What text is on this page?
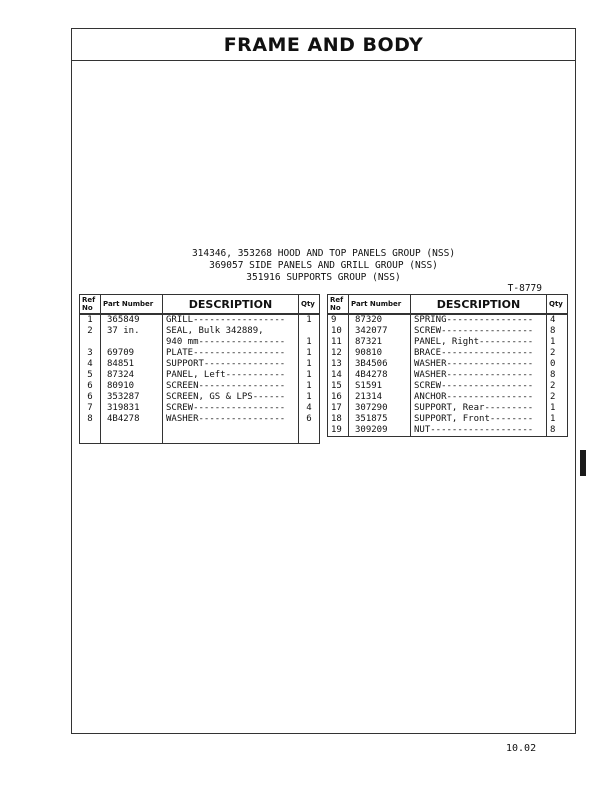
FRAME AND BODY
314346, 353268 HOOD AND TOP PANELS GROUP (NSS)
369057 SIDE PANELS AND GRILL GROUP (NSS)
351916 SUPPORTS GROUP (NSS)
T-8779
Ref No	Part Number	DESCRIPTION	Qty
1	365849	GRILL-----------------	1
2	37 in.	SEAL, Bulk 342889,	
		940 mm----------------	1
3	69709	PLATE-----------------	1
4	84851	SUPPORT---------------	1
5	87324	PANEL, Left-----------	1
6	80910	SCREEN----------------	1
6	353287	SCREEN, GS & LPS------	1
7	319831	SCREW-----------------	4
8	4B4278	WASHER----------------	6

Ref No	Part Number	DESCRIPTION	Qty
9	87320	SPRING----------------	4
10	342077	SCREW-----------------	8
11	87321	PANEL, Right----------	1
12	90810	BRACE-----------------	2
13	3B4506	WASHER----------------	0
14	4B4278	WASHER----------------	8
15	S1591	SCREW-----------------	2
16	21314	ANCHOR----------------	2
17	307290	SUPPORT, Rear---------	1
18	351875	SUPPORT, Front--------	1
19	309209	NUT-------------------	8
10.02
